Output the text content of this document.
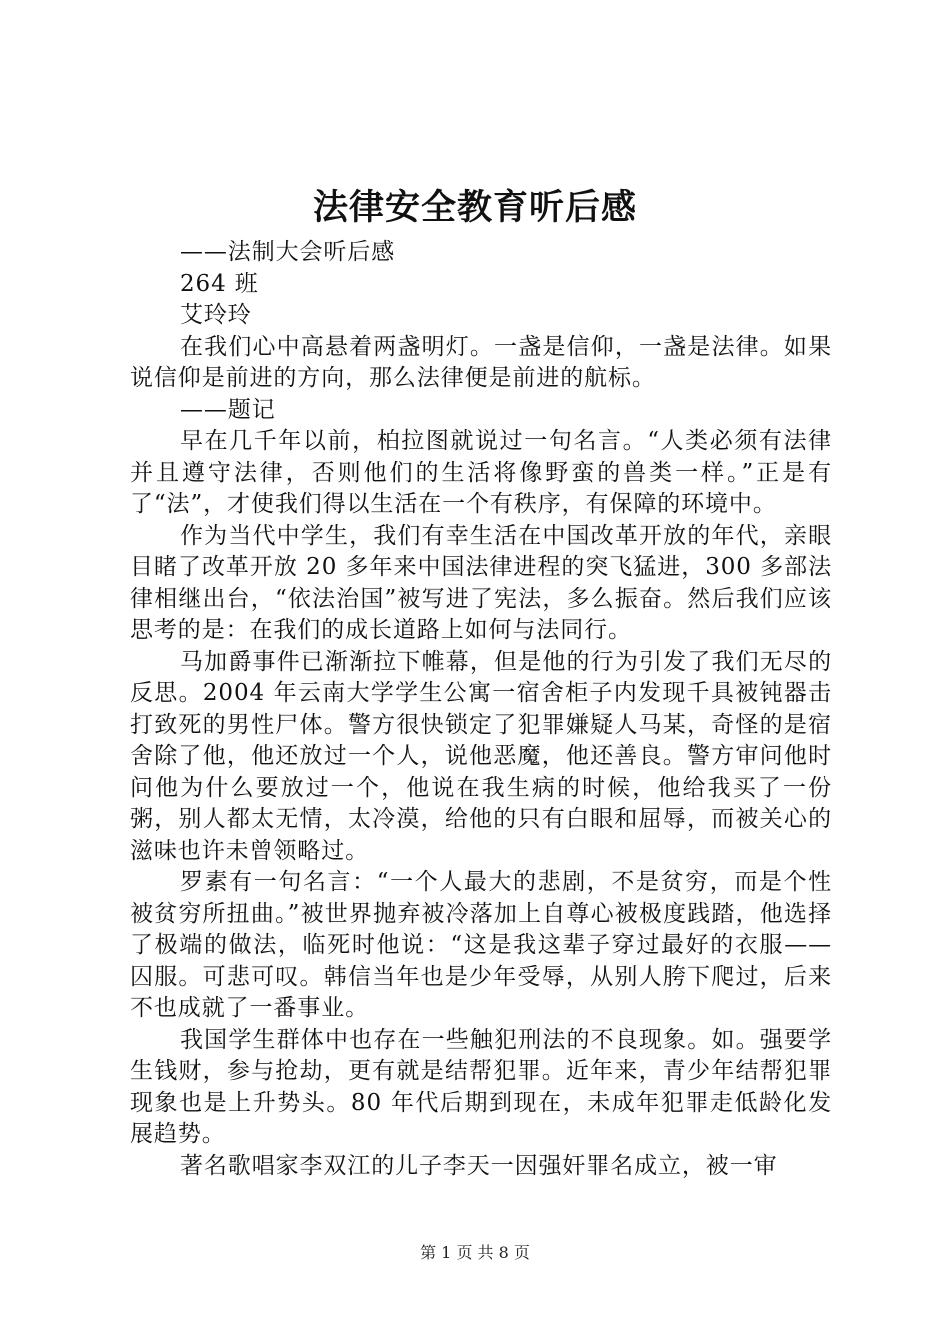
法律安全教育听后感

——法制大会听后感

264 班

艾玲玲

在我们心中高悬着两盏明灯。一盏是信仰，一盏是法律。如果说信仰是前进的方向，那么法律便是前进的航标。

——题记

早在几千年以前，柏拉图就说过一句名言。“人类必须有法律并且遵守法律，否则他们的生活将像野蛮的兽类一样。”正是有了“法”，才使我们得以生活在一个有秩序，有保障的环境中。

作为当代中学生，我们有幸生活在中国改革开放的年代，亲眼目睹了改革开放 20 多年来中国法律进程的突飞猛进，300 多部法律相继出台，“依法治国”被写进了宪法，多么振奋。然后我们应该思考的是：在我们的成长道路上如何与法同行。

马加爵事件已渐渐拉下帷幕，但是他的行为引发了我们无尽的反思。2004 年云南大学学生公寓一宿舍柜子内发现千具被钝器击打致死的男性尸体。警方很快锁定了犯罪嫌疑人马某，奇怪的是宿舍除了他，他还放过一个人，说他恶魔，他还善良。警方审问他时问他为什么要放过一个，他说在我生病的时候，他给我买了一份粥，别人都太无情，太冷漠，给他的只有白眼和屈辱，而被关心的滋味也许未曾领略过。

罗素有一句名言：“一个人最大的悲剧，不是贫穷，而是个性被贫穷所扭曲。”被世界抛弃被冷落加上自尊心被极度践踏，他选择了极端的做法，临死时他说：“这是我这辈子穿过最好的衣服——囚服。可悲可叹。韩信当年也是少年受辱，从别人胯下爬过，后来不也成就了一番事业。

我国学生群体中也存在一些触犯刑法的不良现象。如。强要学生钱财，参与抢劫，更有就是结帮犯罪。近年来，青少年结帮犯罪现象也是上升势头。80 年代后期到现在，未成年犯罪走低龄化发展趋势。

著名歌唱家李双江的儿子李天一因强奸罪名成立，被一审

第 1 页 共 8 页
